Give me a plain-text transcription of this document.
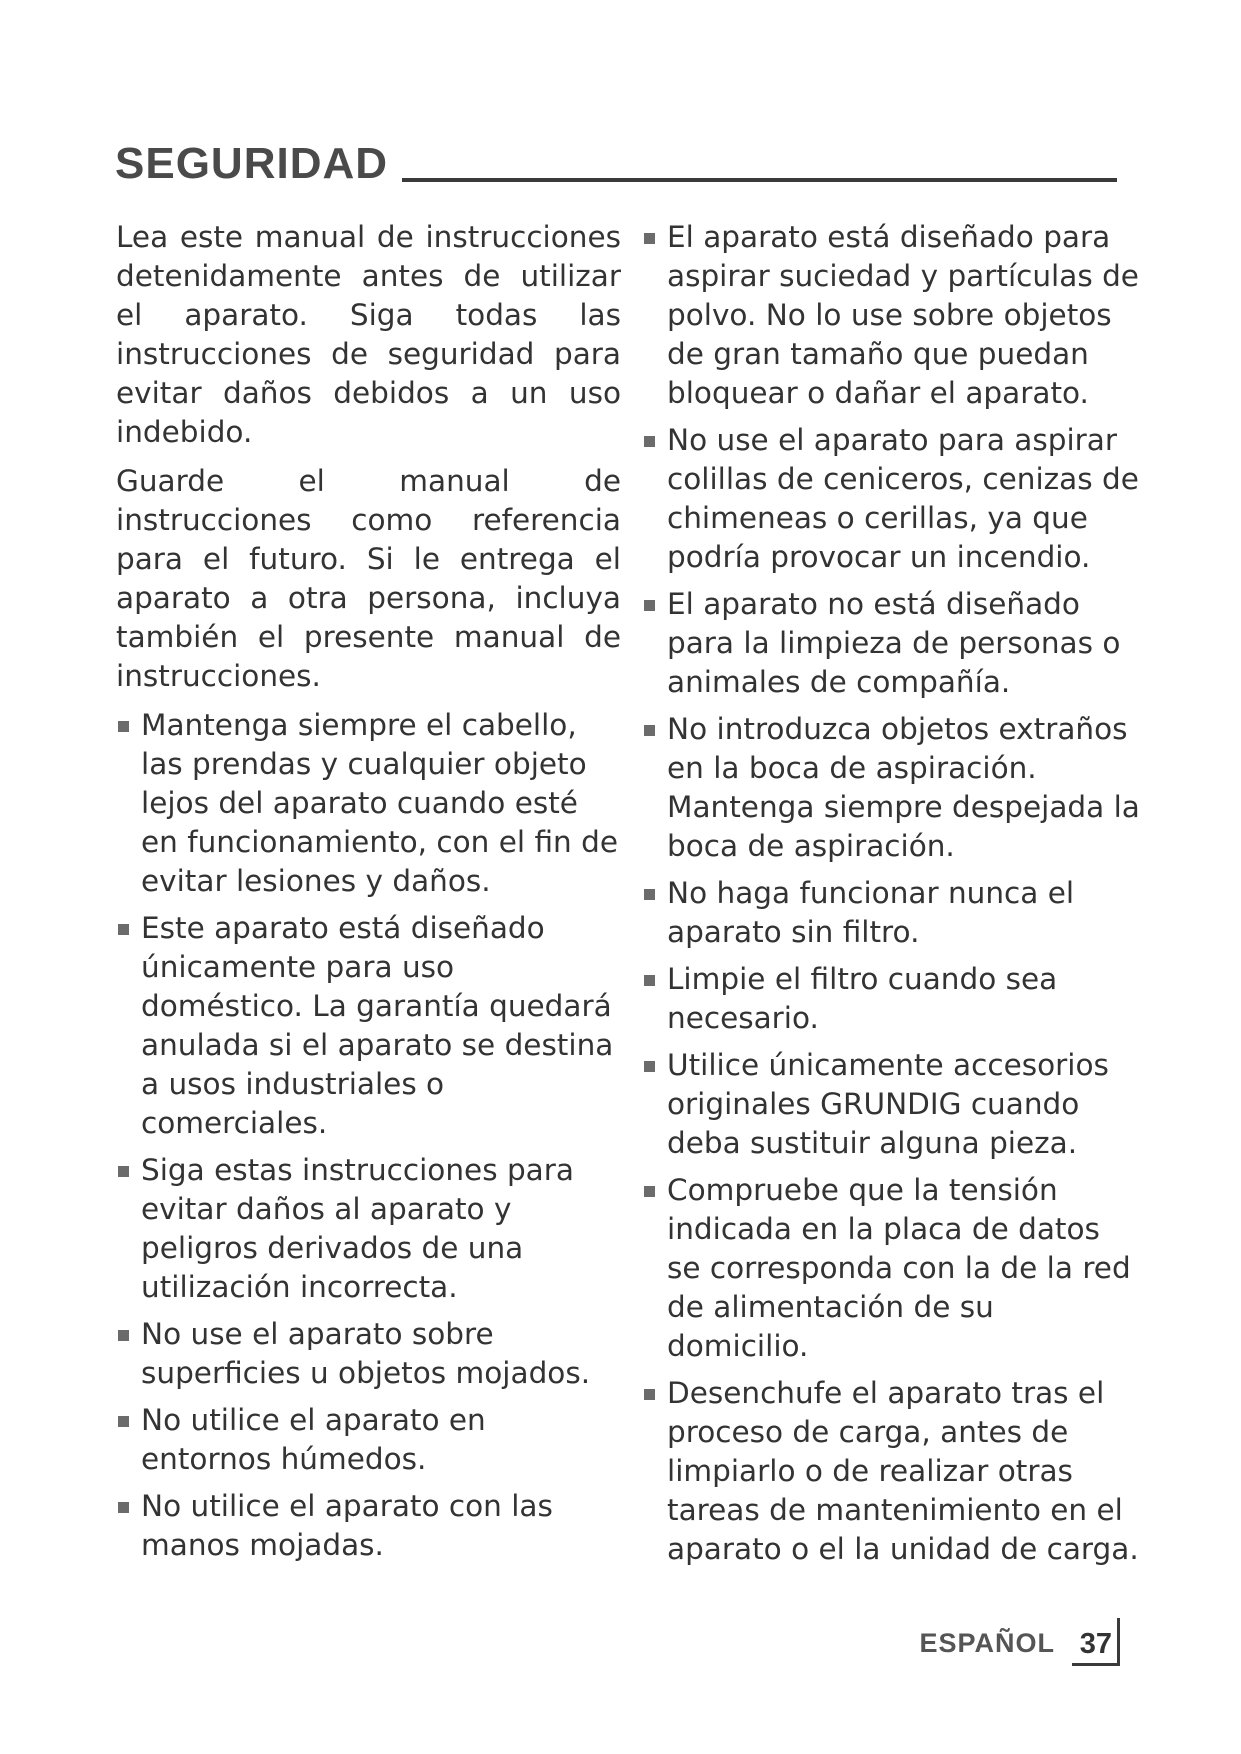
SEGURIDAD

Lea este manual de instrucciones detenidamente antes de utilizar el aparato. Siga todas las instrucciones de seguridad para evitar daños debidos a un uso indebido.

Guarde el manual de instrucciones como referencia para el futuro. Si le entrega el aparato a otra persona, incluya también el presente manual de instrucciones.

Mantenga siempre el cabello, las prendas y cualquier objeto lejos del aparato cuando esté en funcionamiento, con el fin de evitar lesiones y daños.
Este aparato está diseñado únicamente para uso doméstico. La garantía quedará anulada si el aparato se destina a usos industriales o comerciales.
Siga estas instrucciones para evitar daños al aparato y peligros derivados de una utilización incorrecta.
No use el aparato sobre superficies u objetos mojados.
No utilice el aparato en entornos húmedos.
No utilice el aparato con las manos mojadas.
El aparato está diseñado para aspirar suciedad y partículas de polvo. No lo use sobre objetos de gran tamaño que puedan bloquear o dañar el aparato.
No use el aparato para aspirar colillas de ceniceros, cenizas de chimeneas o cerillas, ya que podría provocar un incendio.
El aparato no está diseñado para la limpieza de personas o animales de compañía.
No introduzca objetos extraños en la boca de aspiración. Mantenga siempre despejada la boca de aspiración.
No haga funcionar nunca el aparato sin filtro.
Limpie el filtro cuando sea necesario.
Utilice únicamente accesorios originales GRUNDIG cuando deba sustituir alguna pieza.
Compruebe que la tensión indicada en la placa de datos se corresponda con la de la red de alimentación de su domicilio.
Desenchufe el aparato tras el proceso de carga, antes de limpiarlo o de realizar otras tareas de mantenimiento en el aparato o el la unidad de carga.
ESPAÑOL 37
